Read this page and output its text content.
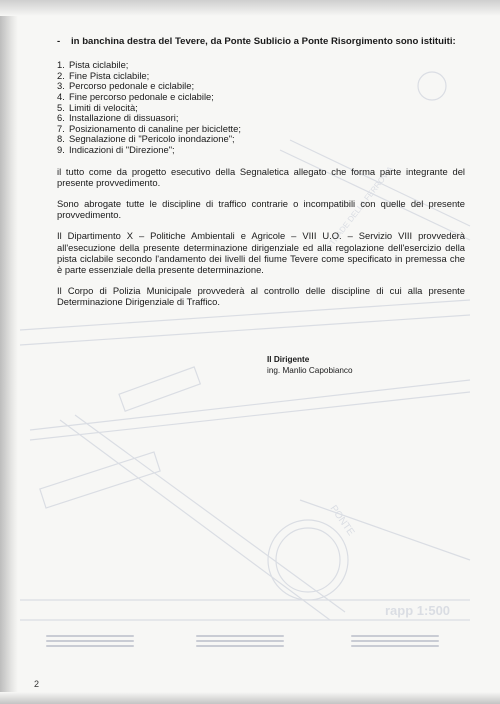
STRADE DELLA FERROVIA
PONTE
rapp 1:500
- in banchina destra del Tevere, da Ponte Sublicio a Ponte Risorgimento sono istituiti:
1. Pista ciclabile;
2. Fine Pista ciclabile;
3. Percorso pedonale e ciclabile;
4. Fine percorso pedonale e ciclabile;
5. Limiti di velocità;
6. Installazione di dissuasori;
7. Posizionamento di canaline per biciclette;
8. Segnalazione di "Pericolo inondazione";
9. Indicazioni di "Direzione";

il tutto come da progetto esecutivo della Segnaletica allegato che forma parte integrante del presente provvedimento.

Sono abrogate tutte le discipline di traffico contrarie o incompatibili con quelle del presente provvedimento.

Il Dipartimento X – Politiche Ambientali e Agricole – VIII U.O. – Servizio VIII provvederà all'esecuzione della presente determinazione dirigenziale ed alla regolazione dell'esercizio della pista ciclabile secondo l'andamento dei livelli del fiume Tevere come specificato in premessa che è parte essenziale della presente determinazione.

Il Corpo di Polizia Municipale provvederà al controllo delle discipline di cui alla presente Determinazione Dirigenziale di Traffico.

Il Dirigente
ing. Manlio Capobianco
2
